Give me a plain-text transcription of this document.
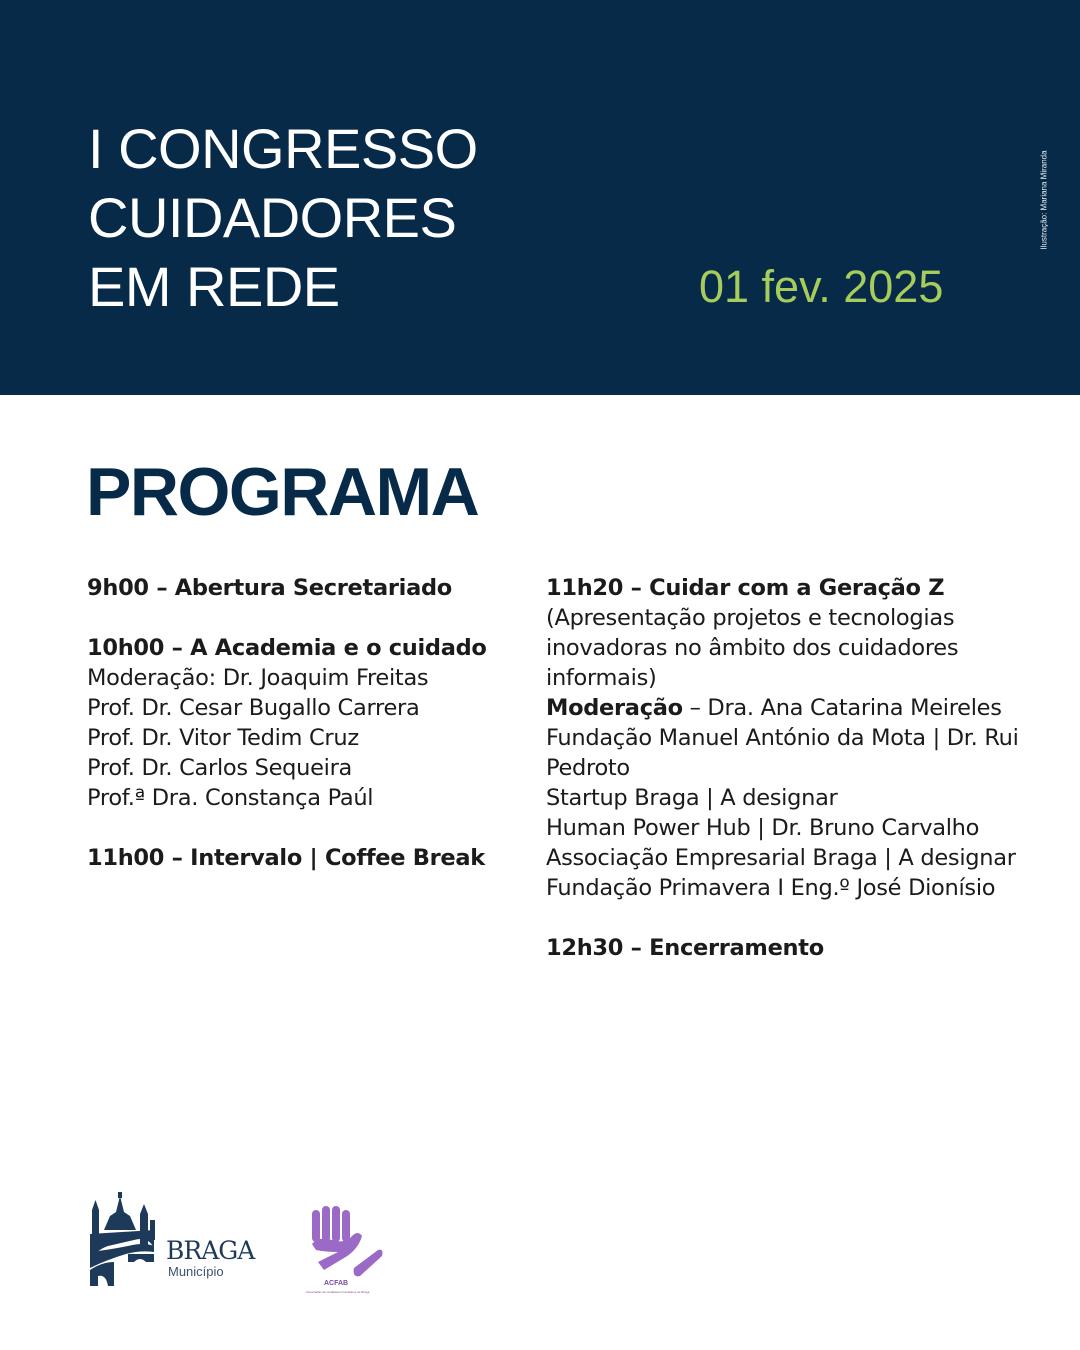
I CONGRESSO
CUIDADORES
EM REDE	01 fev. 2025
Ilustração: Mariana Miranda
PROGRAMA
9h00 – Abertura Secretariado
10h00 – A Academia e o cuidado
Moderação: Dr. Joaquim Freitas
Prof. Dr. Cesar Bugallo Carrera
Prof. Dr. Vitor Tedim Cruz
Prof. Dr. Carlos Sequeira
Prof.ª Dra. Constança Paúl
11h00 – Intervalo | Coffee Break
11h20 – Cuidar com a Geração Z
(Apresentação projetos e tecnologias
inovadoras no âmbito dos cuidadores
informais)
Moderação – Dra. Ana Catarina Meireles
Fundação Manuel António da Mota | Dr. Rui
Pedroto
Startup Braga | A designar
Human Power Hub | Dr. Bruno Carvalho
Associação Empresarial Braga | A designar
Fundação Primavera I Eng.º José Dionísio
12h30 – Encerramento
BRAGA
Município
ACFAB
Associação de Cuidadores Familiares de Braga
